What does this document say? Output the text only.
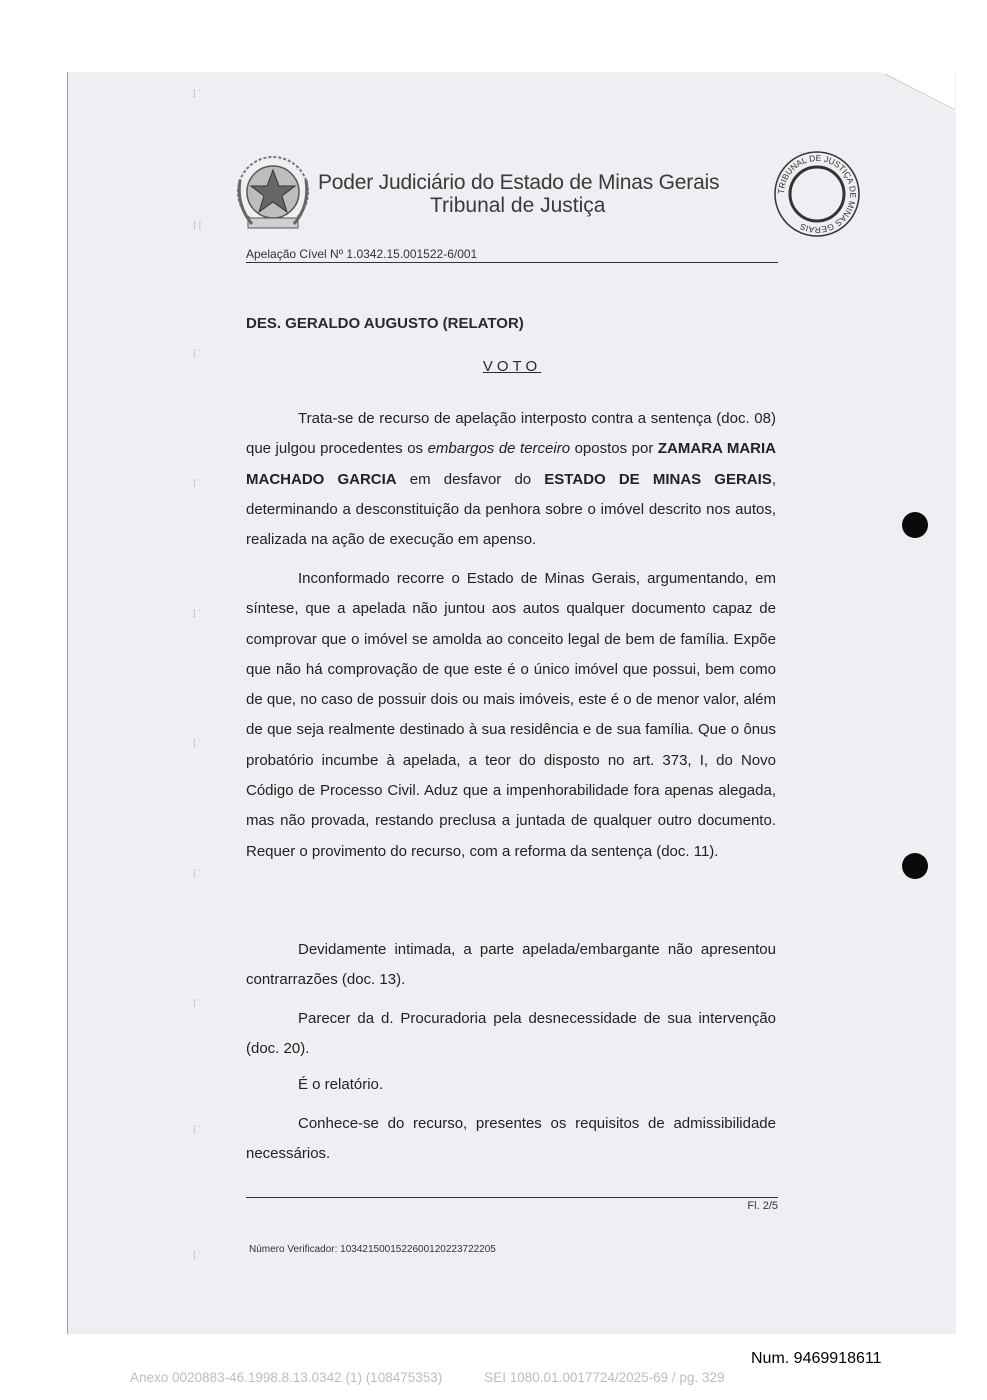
⁞ ˙
⁞ ⁞
⁞ ˙
⁞ ˙
⁞ ˙
⁞ ˙
⁞ ˙
⁞ ˙
⁞ ˙
⁞ ˙
Poder Judiciário do Estado de Minas Gerais
Tribunal de Justiça
TRIBUNAL DE JUSTIÇA DE MINAS GERAIS
Apelação Cível Nº 1.0342.15.001522-6/001
DES. GERALDO AUGUSTO (RELATOR)
VOTO

Trata-se de recurso de apelação interposto contra a sentença (doc. 08) que julgou procedentes os embargos de terceiro opostos por ZAMARA MARIA MACHADO GARCIA em desfavor do ESTADO DE MINAS GERAIS, determinando a desconstituição da penhora sobre o imóvel descrito nos autos, realizada na ação de execução em apenso.

Inconformado recorre o Estado de Minas Gerais, argumentando, em síntese, que a apelada não juntou aos autos qualquer documento capaz de comprovar que o imóvel se amolda ao conceito legal de bem de família. Expõe que não há comprovação de que este é o único imóvel que possui, bem como de que, no caso de possuir dois ou mais imóveis, este é o de menor valor, além de que seja realmente destinado à sua residência e de sua família. Que o ônus probatório incumbe à apelada, a teor do disposto no art. 373, I, do Novo Código de Processo Civil. Aduz que a impenhorabilidade fora apenas alegada, mas não provada, restando preclusa a juntada de qualquer outro documento. Requer o provimento do recurso, com a reforma da sentença (doc. 11).

Devidamente intimada, a parte apelada/embargante não apresentou contrarrazões (doc. 13).

Parecer da d. Procuradoria pela desnecessidade de sua intervenção (doc. 20).

É o relatório.

Conhece-se do recurso, presentes os requisitos de admissibilidade necessários.

Fl. 2/5
Número Verificador: 1034215001522600120223722205
Num. 9469918611
Anexo 0020883-46.1998.8.13.0342 (1) (108475353)	SEI 1080.01.0017724/2025-69 / pg. 329
